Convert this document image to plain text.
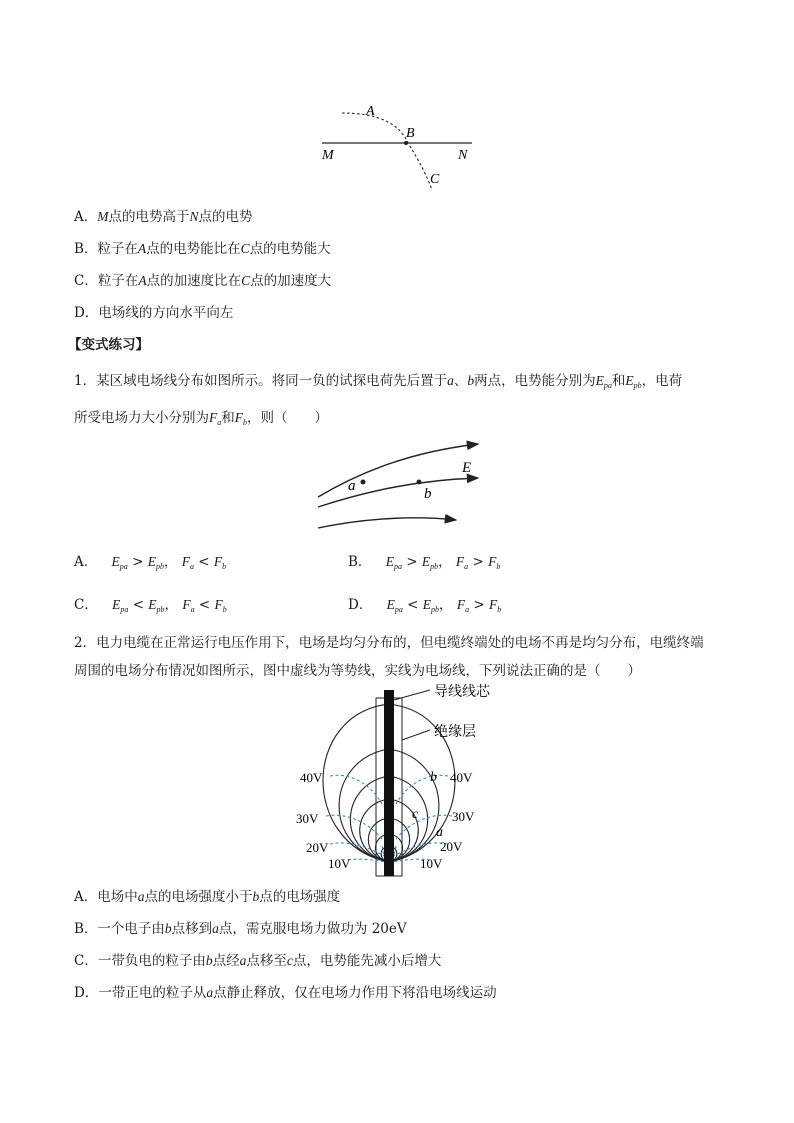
A
B
C
M	N
A．M点的电势高于N点的电势
B．粒子在A点的电势能比在C点的电势能大
C．粒子在A点的加速度比在C点的加速度大
D．电场线的方向水平向左
【变式练习】
1．某区域电场线分布如图所示。将同一负的试探电荷先后置于a、b两点，电势能分别为$E_{pa}$和$E_{pb}$，电荷
所受电场力大小分别为$F_a$和$F_b$，则（　　）
a	b
E
A． $E_{pa} > E_{pb}$， $F_a < F_b$	B． $E_{pa} > E_{pb}$， $F_a > F_b$
C． $E_{pa} < E_{pb}$， $F_a < F_b$	D． $E_{pa} < E_{pb}$， $F_a > F_b$
2．电力电缆在正常运行电压作用下，电场是均匀分布的，但电缆终端处的电场不再是均匀分布，电缆终端
周围的电场分布情况如图所示，图中虚线为等势线，实线为电场线，下列说法正确的是（　　）
导线线芯
绝缘层
40V	40V
30V	30V
20V	20V
10V	10V
b
c
a
A．电场中a点的电场强度小于b点的电场强度
B．一个电子由b点移到a点，需克服电场力做功为 20eV
C．一带负电的粒子由b点经a点移至c点，电势能先减小后增大
D．一带正电的粒子从a点静止释放，仅在电场力作用下将沿电场线运动
